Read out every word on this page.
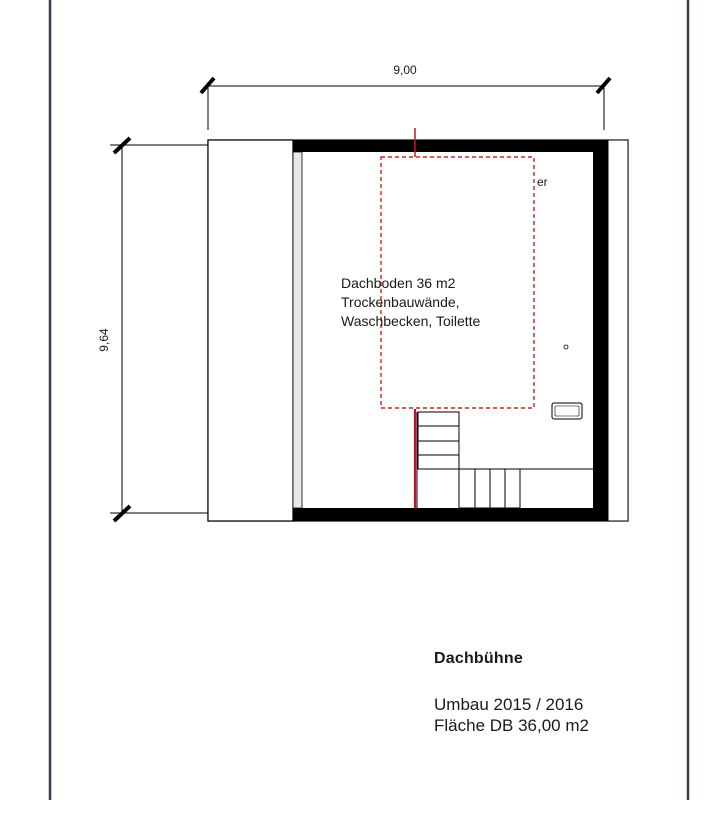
9,00
9,64
er
Dachboden 36 m2
Trockenbauwände,
Waschbecken, Toilette

Dachbühne

Umbau 2015 / 2016

Fläche DB 36,00 m2
